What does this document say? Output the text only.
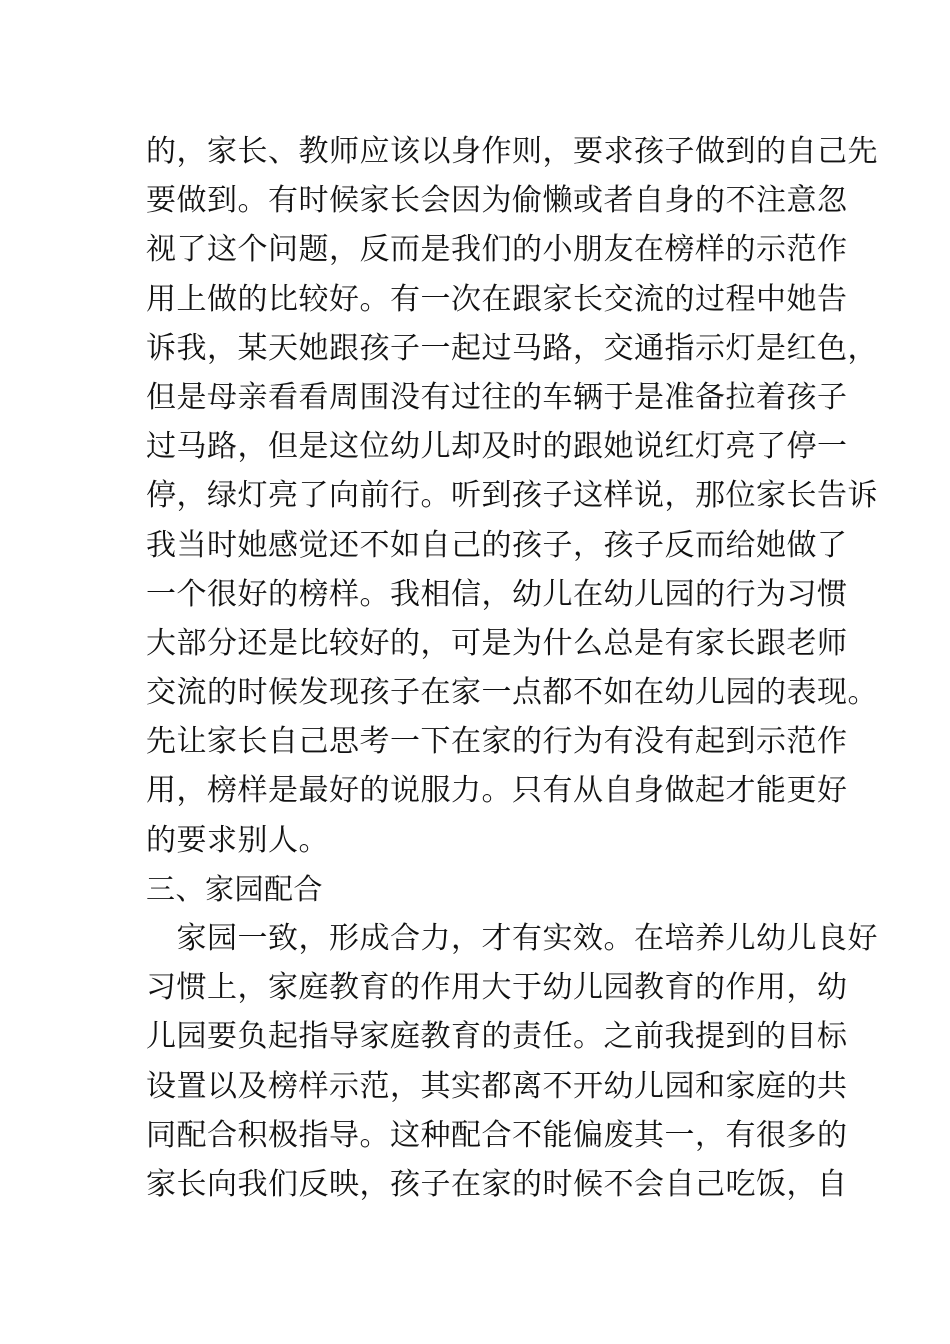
的，家长、教师应该以身作则，要求孩子做到的自己先
要做到。有时候家长会因为偷懒或者自身的不注意忽
视了这个问题，反而是我们的小朋友在榜样的示范作
用上做的比较好。有一次在跟家长交流的过程中她告
诉我，某天她跟孩子一起过马路，交通指示灯是红色，
但是母亲看看周围没有过往的车辆于是准备拉着孩子
过马路，但是这位幼儿却及时的跟她说红灯亮了停一
停，绿灯亮了向前行。听到孩子这样说，那位家长告诉
我当时她感觉还不如自己的孩子，孩子反而给她做了
一个很好的榜样。我相信，幼儿在幼儿园的行为习惯
大部分还是比较好的，可是为什么总是有家长跟老师
交流的时候发现孩子在家一点都不如在幼儿园的表现。
先让家长自己思考一下在家的行为有没有起到示范作
用，榜样是最好的说服力。只有从自身做起才能更好
的要求别人。
三、家园配合
　家园一致，形成合力，才有实效。在培养儿幼儿良好
习惯上，家庭教育的作用大于幼儿园教育的作用，幼
儿园要负起指导家庭教育的责任。之前我提到的目标
设置以及榜样示范，其实都离不开幼儿园和家庭的共
同配合积极指导。这种配合不能偏废其一，有很多的
家长向我们反映，孩子在家的时候不会自己吃饭，自
